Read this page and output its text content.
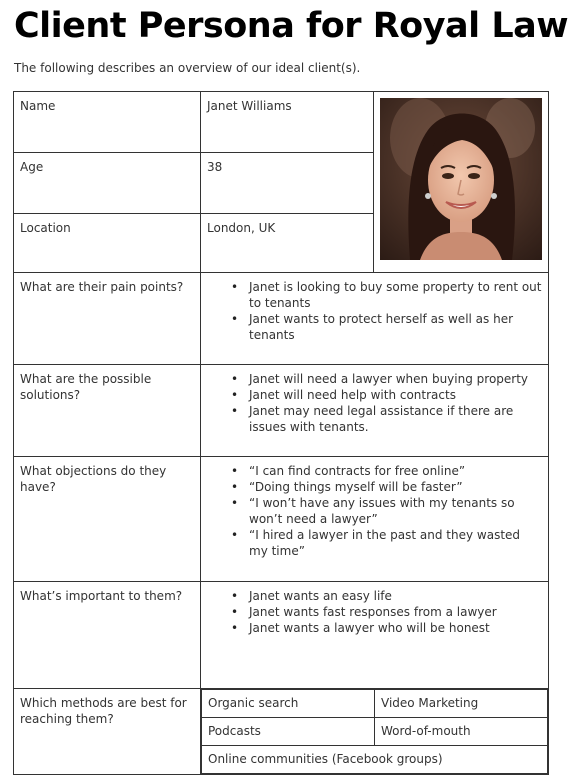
Client Persona for Royal Law
The following describes an overview of our ideal client(s).
Name	Janet Williams	

Age	38
Location	London, UK
What are their pain points?	
•Janet is looking to buy some property to rent out to tenants
• Janet wants to protect herself as well as her tenants

What are the possible solutions?	
• Janet will need a lawyer when buying property
• Janet will need help with contracts
• Janet may need legal assistance if there are issues with tenants.

What objections do they have?	
• “I can find contracts for free online”
• “Doing things myself will be faster”
• “I won’t have any issues with my tenants so won’t need a lawyer”
• “I hired a lawyer in the past and they wasted my time”

What’s important to them?	
•Janet wants an easy life
• Janet wants fast responses from a lawyer
• Janet wants a lawyer who will be honest

Which methods are best for reaching them?	
Organic search	Video Marketing
Podcasts	Word-of-mouth
Online communities (Facebook groups)
